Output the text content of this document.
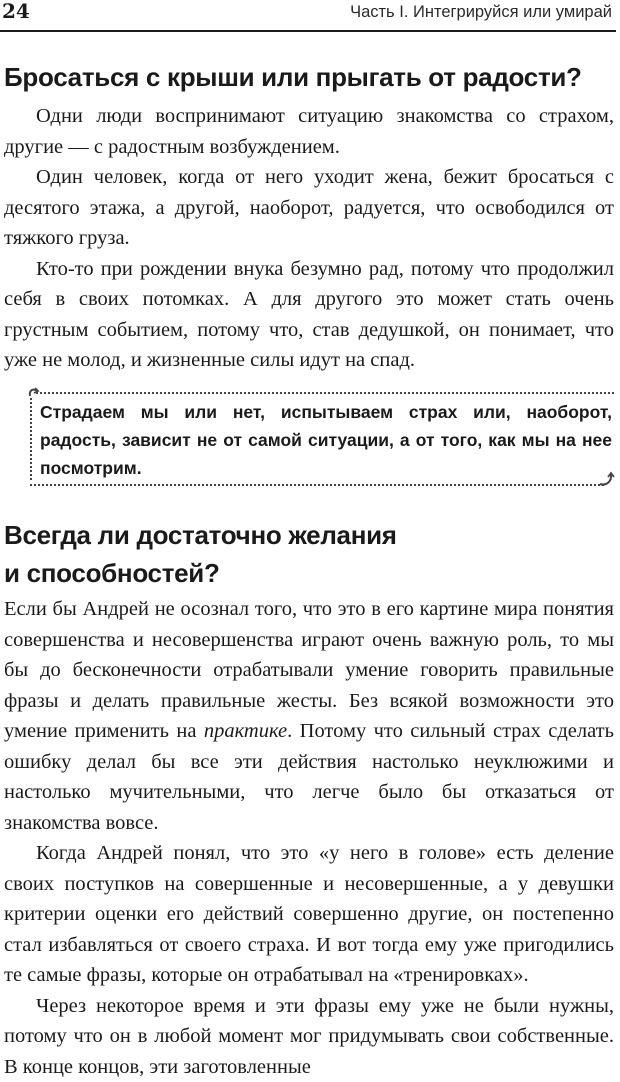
24	Часть I. Интегрируйся или умирай
Бросаться с крыши или прыгать от радости?

Одни люди воспринимают ситуацию знакомства со страхом, другие — с радостным возбуждением.

Один человек, когда от него уходит жена, бежит бросаться с десятого этажа, а другой, наоборот, радуется, что освободился от тяжкого груза.

Кто-то при рождении внука безумно рад, потому что продолжил себя в своих потомках. А для другого это может стать очень грустным событием, потому что, став дедушкой, он понимает, что уже не молод, и жизненные силы идут на спад.

Страдаем мы или нет, испытываем страх или, наоборот, радость, зависит не от самой ситуации, а от того, как мы на нее посмотрим.

Всегда ли достаточно желания
и способностей?

Если бы Андрей не осознал того, что это в его картине мира понятия совершенства и несовершенства играют очень важную роль, то мы бы до бесконечности отрабатывали умение говорить правильные фразы и делать правильные жесты. Без всякой возможности это умение применить на практике. Потому что сильный страх сделать ошибку делал бы все эти действия настолько неуклюжими и настолько мучительными, что легче было бы отказаться от знакомства вовсе.

Когда Андрей понял, что это «у него в голове» есть деление своих поступков на совершенные и несовершенные, а у девушки критерии оценки его действий совершенно другие, он постепенно стал избавляться от своего страха. И вот тогда ему уже пригодились те самые фразы, которые он отрабатывал на «тренировках».

Через некоторое время и эти фразы ему уже не были нужны, потому что он в любой момент мог придумывать свои собственные. В конце концов, эти заготовленные
